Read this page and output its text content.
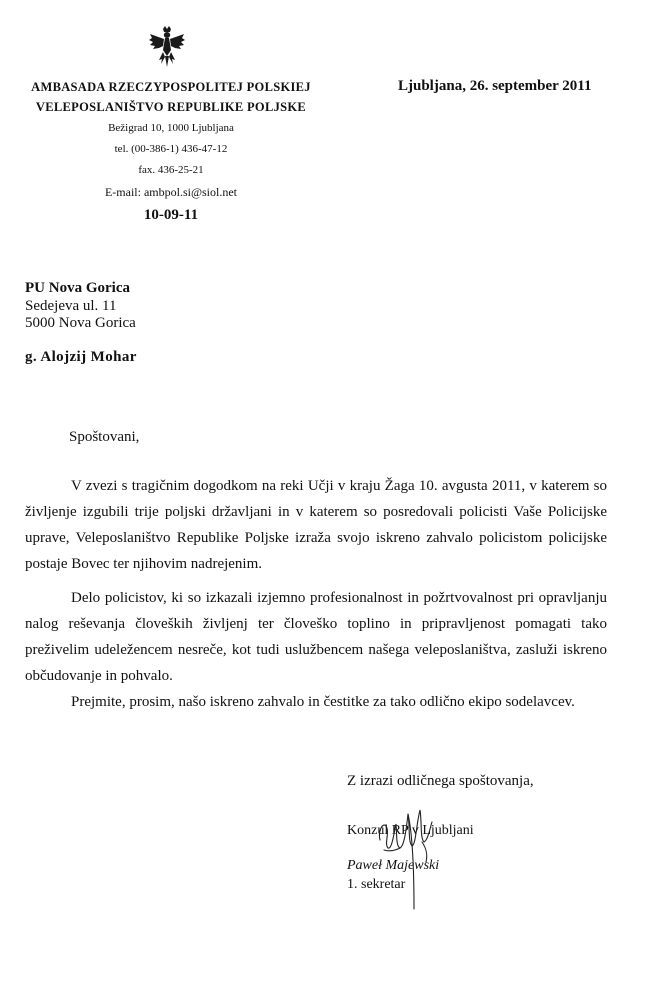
AMBASADA RZECZYPOSPOLITEJ POLSKIEJ
VELEPOSLANIŠTVO REPUBLIKE POLJSKE
Bežigrad 10, 1000 Ljubljana
tel. (00-386-1) 436-47-12
fax. 436-25-21
E-mail: ambpol.si@siol.net
10-09-11
Ljubljana, 26. september 2011
PU Nova Gorica
Sedejeva ul. 11
5000 Nova Gorica
g. Alojzij Mohar
Spoštovani,
V zvezi s tragičnim dogodkom na reki Učji v kraju Žaga 10. avgusta 2011, v katerem so življenje izgubili trije poljski državljani in v katerem so posredovali policisti Vaše Policijske uprave, Veleposlaništvo Republike Poljske izraža svojo iskreno zahvalo policistom policijske postaje Bovec ter njihovim nadrejenim.
Delo policistov, ki so izkazali izjemno profesionalnost in požrtvovalnost pri opravljanju nalog reševanja človeških življenj ter človeško toplino in pripravljenost pomagati tako preživelim udeležencem nesreče, kot tudi uslužbencem našega veleposlaništva, zasluži iskreno občudovanje in pohvalo.
Prejmite, prosim, našo iskreno zahvalo in čestitke za tako odlično ekipo sodelavcev.
Z izrazi odličnega spoštovanja,
Konzul RP v Ljubljani
Paweł Majewski
1. sekretar
